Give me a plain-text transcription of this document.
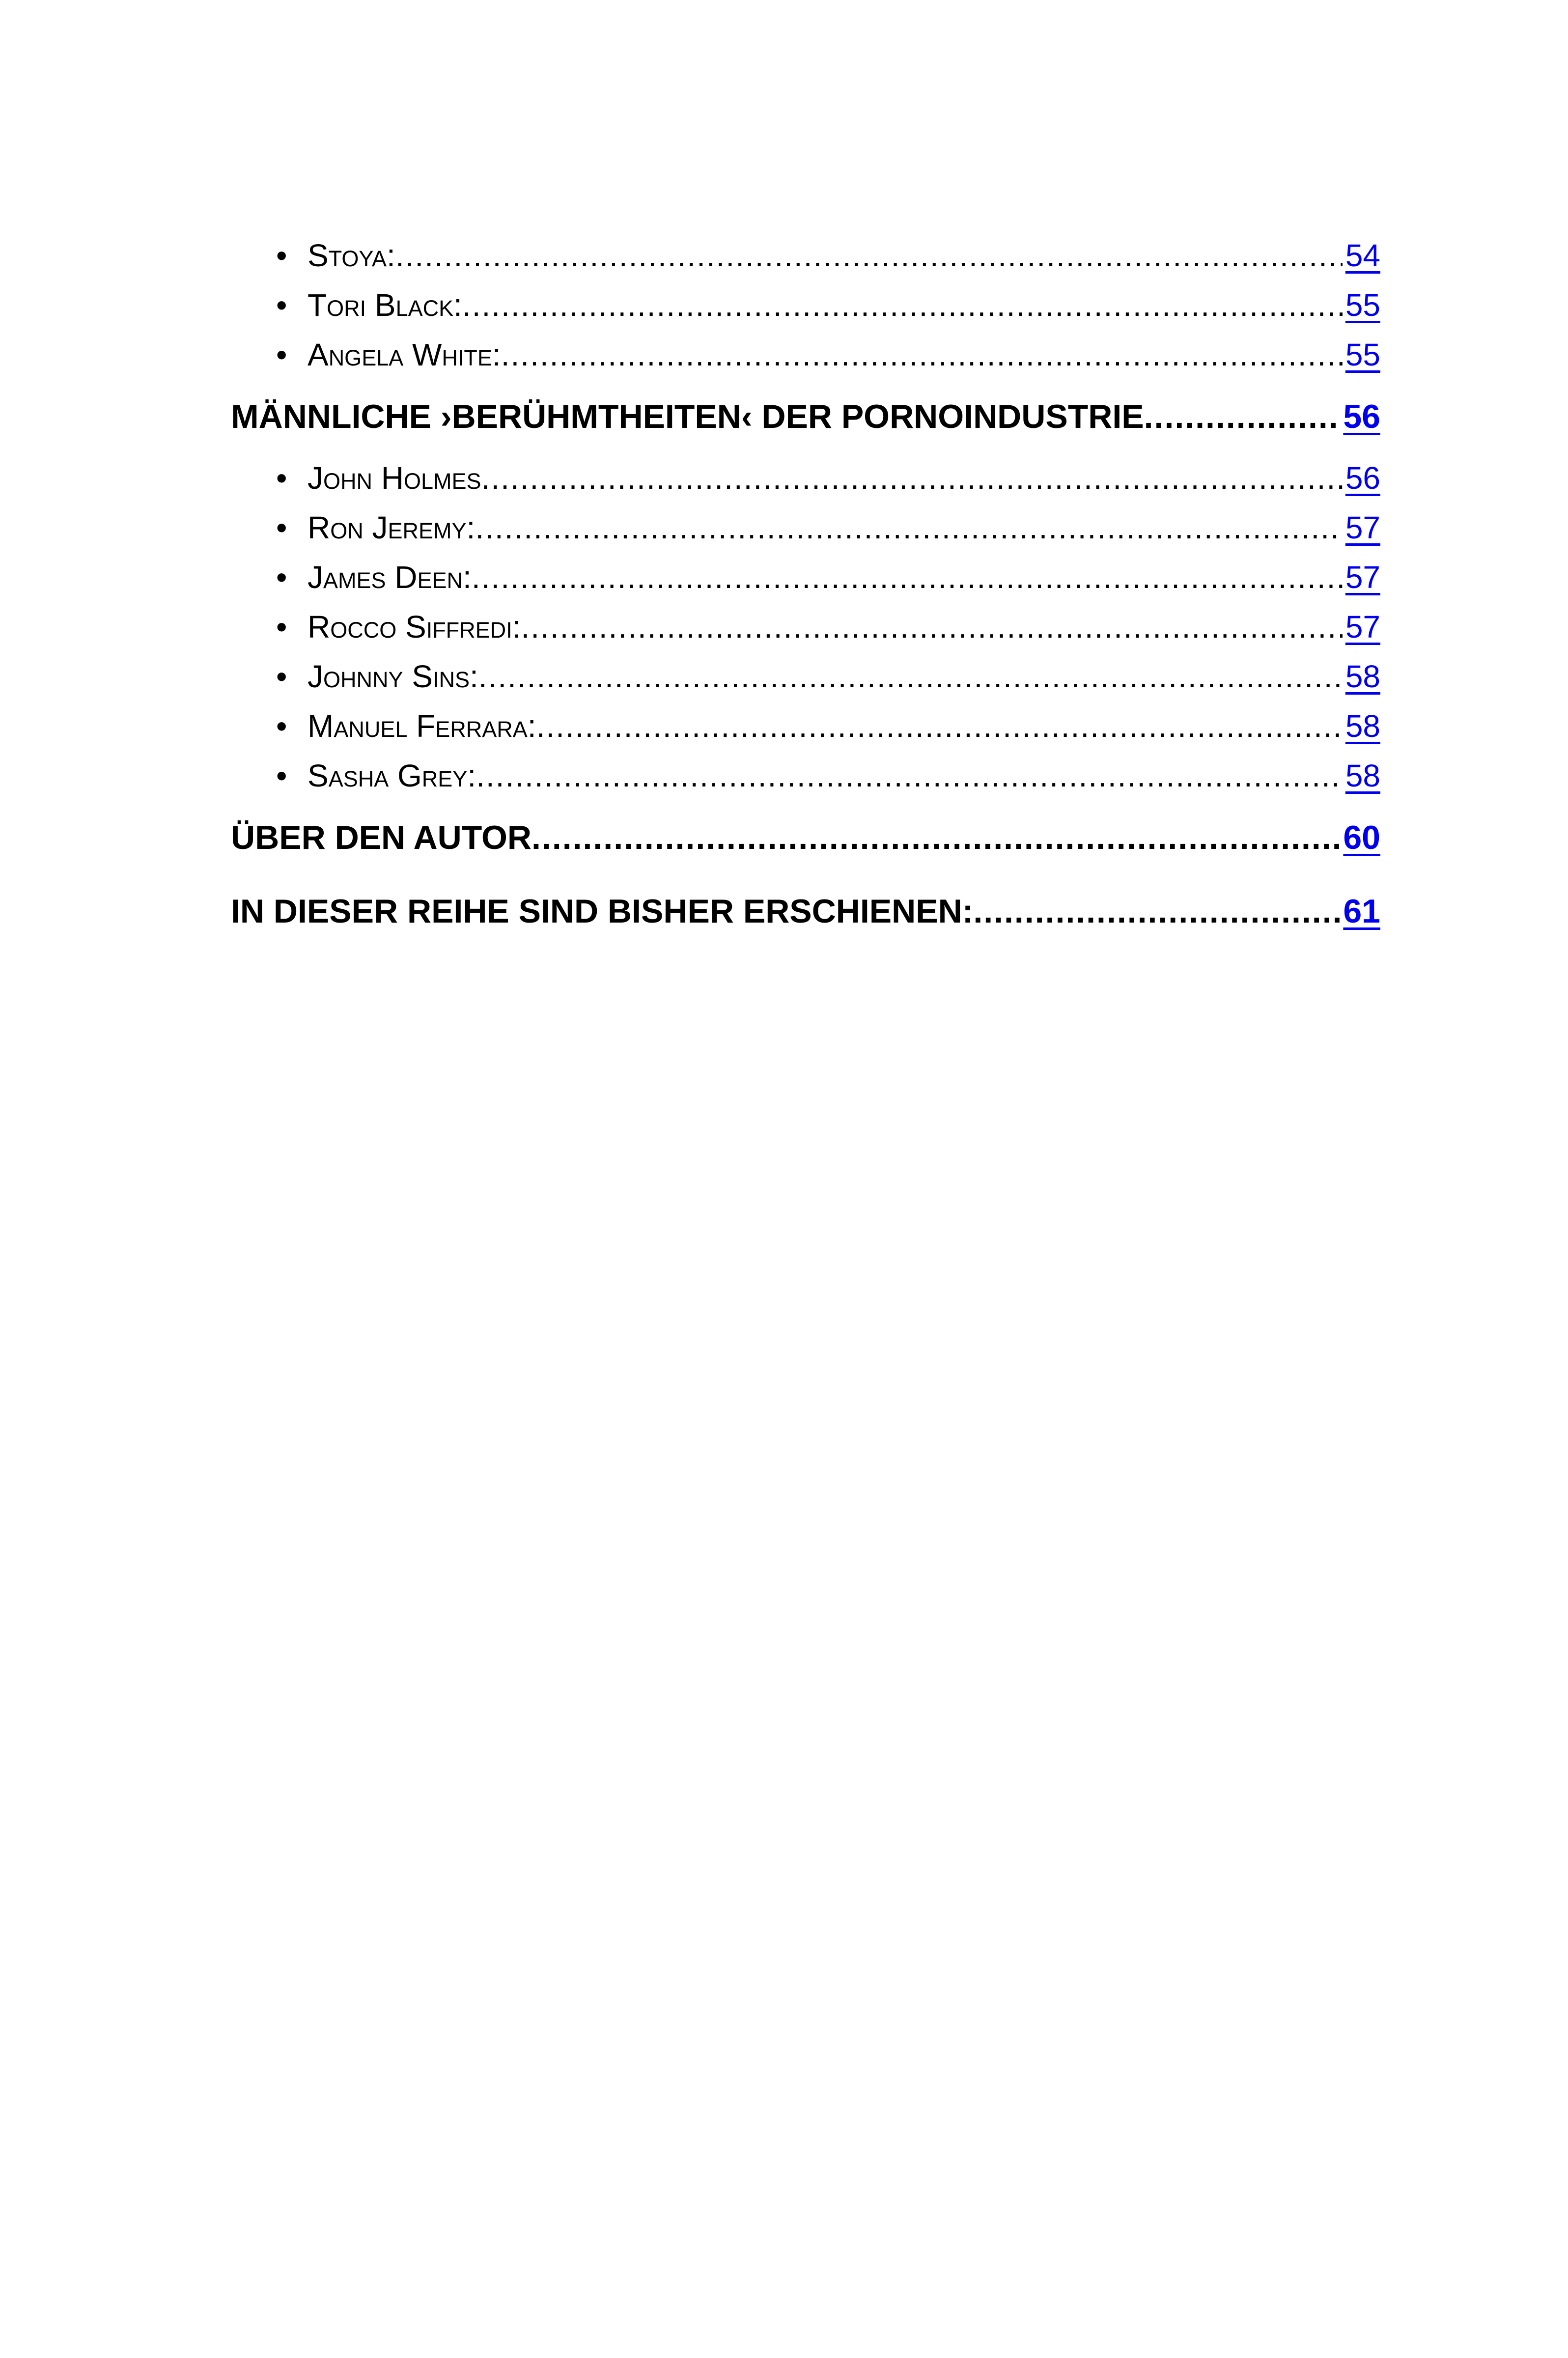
• Stoya: .....	54
• Tori Black: .....	55
• Angela White: .....	55
MÄNNLICHE ›BERÜHMTHEITEN‹ DER PORNOINDUSTRIE .....	56
• John Holmes .....	56
• Ron Jeremy: .....	57
• James Deen: .....	57
• Rocco Siffredi: .....	57
• Johnny Sins: .....	58
• Manuel Ferrara: .....	58
• Sasha Grey: .....	58
ÜBER DEN AUTOR .....	60
IN DIESER REIHE SIND BISHER ERSCHIENEN: .....	61
